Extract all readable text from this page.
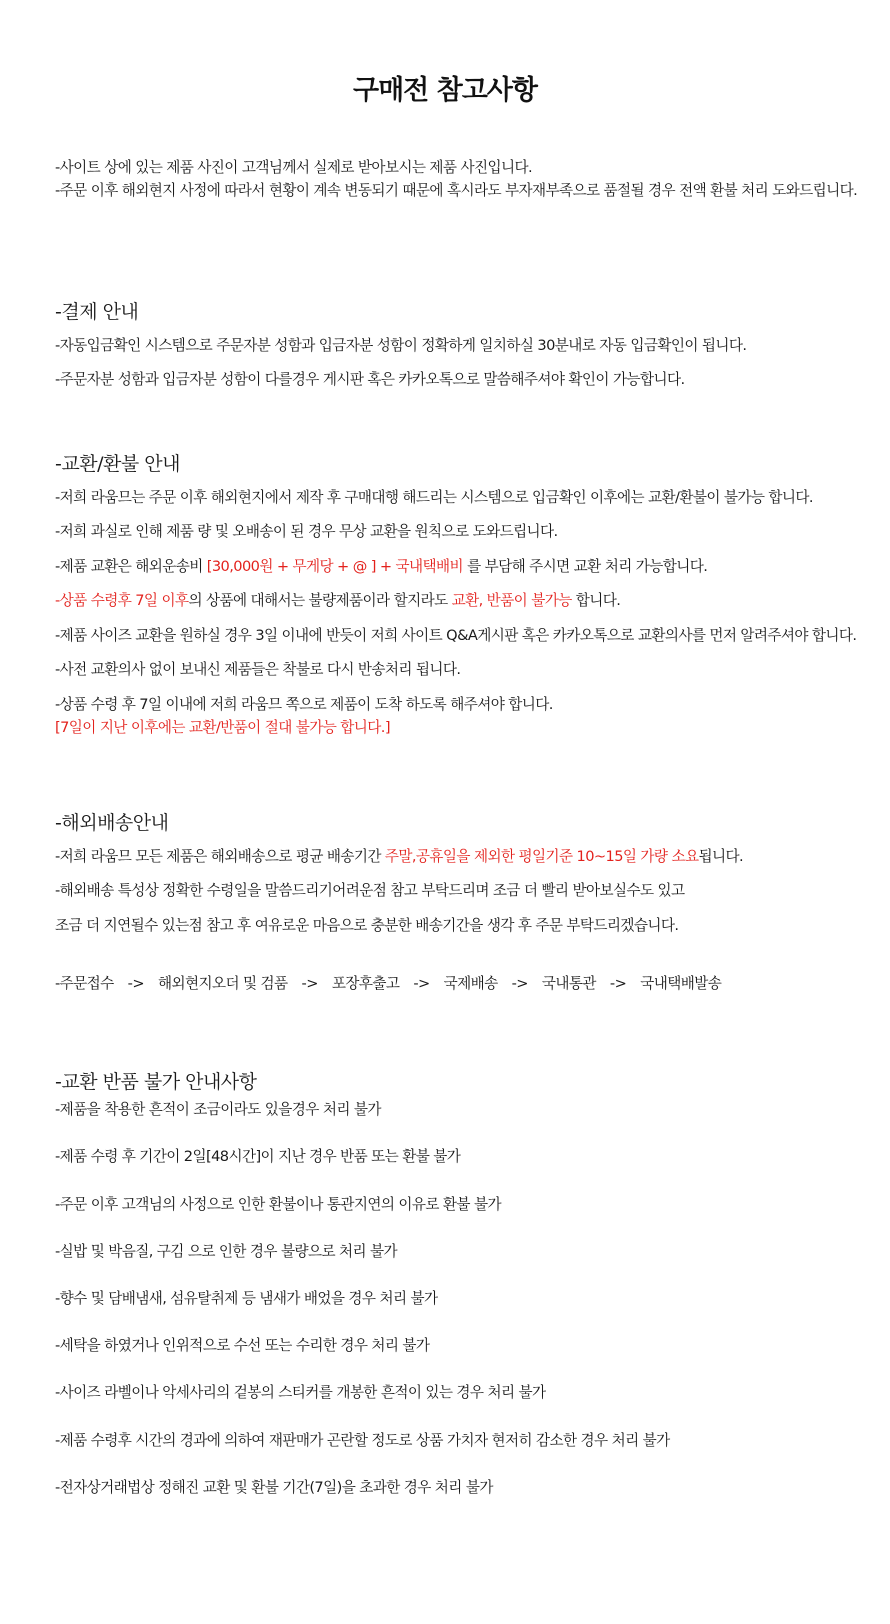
구매전 참고사항

-사이트 상에 있는 제품 사진이 고객님께서 실제로 받아보시는 제품 사진입니다.

-주문 이후 해외현지 사정에 따라서 현황이 계속 변동되기 때문에 혹시라도 부자재부족으로 품절될 경우 전액 환불 처리 도와드립니다.

-결제 안내

-자동입금확인 시스템으로 주문자분 성함과 입금자분 성함이 정확하게 일치하실 30분내로 자동 입금확인이 됩니다.

-주문자분 성함과 입금자분 성함이 다를경우 게시판 혹은 카카오톡으로 말씀해주셔야 확인이 가능합니다.

-교환/환불 안내

-저희 라움므는 주문 이후 해외현지에서 제작 후 구매대행 해드리는 시스템으로 입금확인 이후에는 교환/환불이 불가능 합니다.

-저희 과실로 인해 제품 량 및 오배송이 된 경우 무상 교환을 원칙으로 도와드립니다.

-제품 교환은 해외운송비 [30,000원 + 무게당 + @ ] + 국내택배비 를 부담해 주시면 교환 처리 가능합니다.

-상품 수령후 7일 이후의 상품에 대해서는 불량제품이라 할지라도 교환, 반품이 불가능 합니다.

-제품 사이즈 교환을 원하실 경우 3일 이내에 반듯이 저희 사이트 Q&A게시판 혹은 카카오톡으로 교환의사를 먼저 알려주셔야 합니다.

-사전 교환의사 없이 보내신 제품들은 착불로 다시 반송처리 됩니다.

-상품 수령 후 7일 이내에 저희 라움므 쪽으로 제품이 도착 하도록 해주셔야 합니다.

[7일이 지난 이후에는 교환/반품이 절대 불가능 합니다.]

-해외배송안내

-저희 라움므 모든 제품은 해외배송으로 평균 배송기간 주말,공휴일을 제외한 평일기준 10~15일 가량 소요됩니다.

-해외배송 특성상 정확한 수령일을 말씀드리기어려운점 참고 부탁드리며 조금 더 빨리 받아보실수도 있고

조금 더 지연될수 있는점 참고 후 여유로운 마음으로 충분한 배송기간을 생각 후 주문 부탁드리겠습니다.

-주문접수 -> 해외현지오더 및 검품 -> 포장후출고 -> 국제배송 -> 국내통관 -> 국내택배발송

-교환 반품 불가 안내사항

-제품을 착용한 흔적이 조금이라도 있을경우 처리 불가

-제품 수령 후 기간이 2일[48시간]이 지난 경우 반품 또는 환불 불가

-주문 이후 고객님의 사정으로 인한 환불이나 통관지연의 이유로 환불 불가

-실밥 및 박음질, 구김 으로 인한 경우 불량으로 처리 불가

-향수 및 담배냄새, 섬유탈취제 등 냄새가 배었을 경우 처리 불가

-세탁을 하였거나 인위적으로 수선 또는 수리한 경우 처리 불가

-사이즈 라벨이나 악세사리의 겉봉의 스티커를 개봉한 흔적이 있는 경우 처리 불가

-제품 수령후 시간의 경과에 의하여 재판매가 곤란할 정도로 상품 가치자 현저히 감소한 경우 처리 불가

-전자상거래법상 정해진 교환 및 환불 기간(7일)을 초과한 경우 처리 불가
